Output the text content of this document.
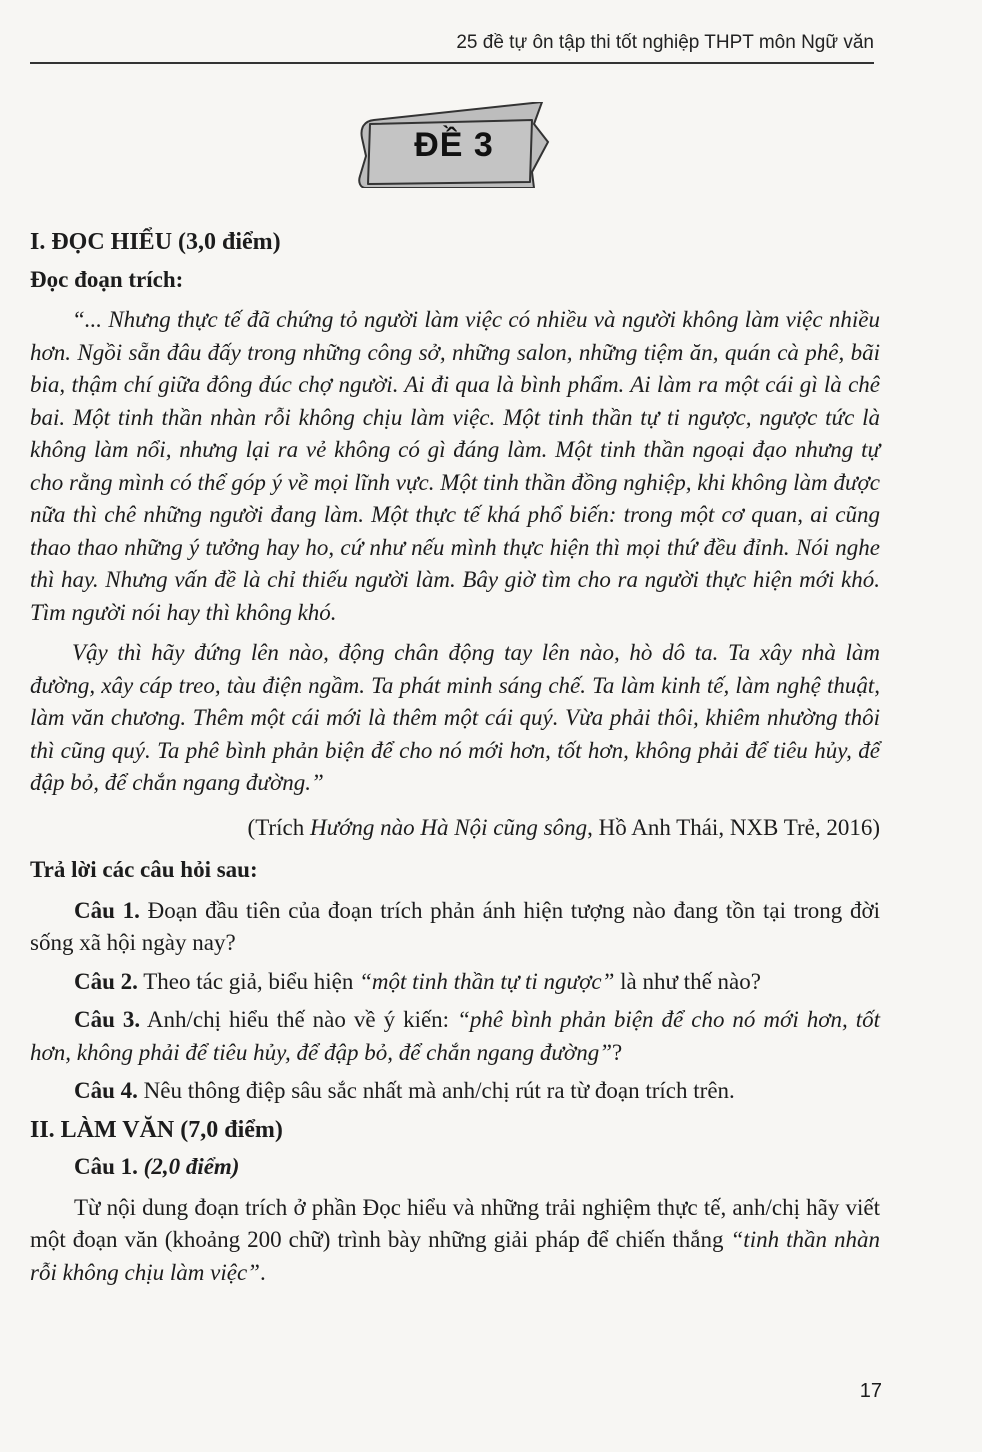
25 đề tự ôn tập thi tốt nghiệp THPT môn Ngữ văn
ĐỀ 3

I. ĐỌC HIỂU (3,0 điểm)

Đọc đoạn trích:

“... Nhưng thực tế đã chứng tỏ người làm việc có nhiều và người không làm việc nhiều hơn. Ngồi sẵn đâu đấy trong những công sở, những salon, những tiệm ăn, quán cà phê, bãi bia, thậm chí giữa đông đúc chợ người. Ai đi qua là bình phẩm. Ai làm ra một cái gì là chê bai. Một tinh thần nhàn rỗi không chịu làm việc. Một tinh thần tự ti ngược, ngược tức là không làm nổi, nhưng lại ra vẻ không có gì đáng làm. Một tinh thần ngoại đạo nhưng tự cho rằng mình có thể góp ý về mọi lĩnh vực. Một tinh thần đồng nghiệp, khi không làm được nữa thì chê những người đang làm. Một thực tế khá phổ biến: trong một cơ quan, ai cũng thao thao những ý tưởng hay ho, cứ như nếu mình thực hiện thì mọi thứ đều đỉnh. Nói nghe thì hay. Nhưng vấn đề là chỉ thiếu người làm. Bây giờ tìm cho ra người thực hiện mới khó. Tìm người nói hay thì không khó.

Vậy thì hãy đứng lên nào, động chân động tay lên nào, hò dô ta. Ta xây nhà làm đường, xây cáp treo, tàu điện ngầm. Ta phát minh sáng chế. Ta làm kinh tế, làm nghệ thuật, làm văn chương. Thêm một cái mới là thêm một cái quý. Vừa phải thôi, khiêm nhường thôi thì cũng quý. Ta phê bình phản biện để cho nó mới hơn, tốt hơn, không phải để tiêu hủy, để đập bỏ, để chắn ngang đường.”

(Trích Hướng nào Hà Nội cũng sông, Hồ Anh Thái, NXB Trẻ, 2016)

Trả lời các câu hỏi sau:

Câu 1. Đoạn đầu tiên của đoạn trích phản ánh hiện tượng nào đang tồn tại trong đời sống xã hội ngày nay?

Câu 2. Theo tác giả, biểu hiện “một tinh thần tự ti ngược” là như thế nào?

Câu 3. Anh/chị hiểu thế nào về ý kiến: “phê bình phản biện để cho nó mới hơn, tốt hơn, không phải để tiêu hủy, để đập bỏ, để chắn ngang đường”?

Câu 4. Nêu thông điệp sâu sắc nhất mà anh/chị rút ra từ đoạn trích trên.

II. LÀM VĂN (7,0 điểm)

Câu 1. (2,0 điểm)

Từ nội dung đoạn trích ở phần Đọc hiểu và những trải nghiệm thực tế, anh/chị hãy viết một đoạn văn (khoảng 200 chữ) trình bày những giải pháp để chiến thắng “tinh thần nhàn rỗi không chịu làm việc”.

17
